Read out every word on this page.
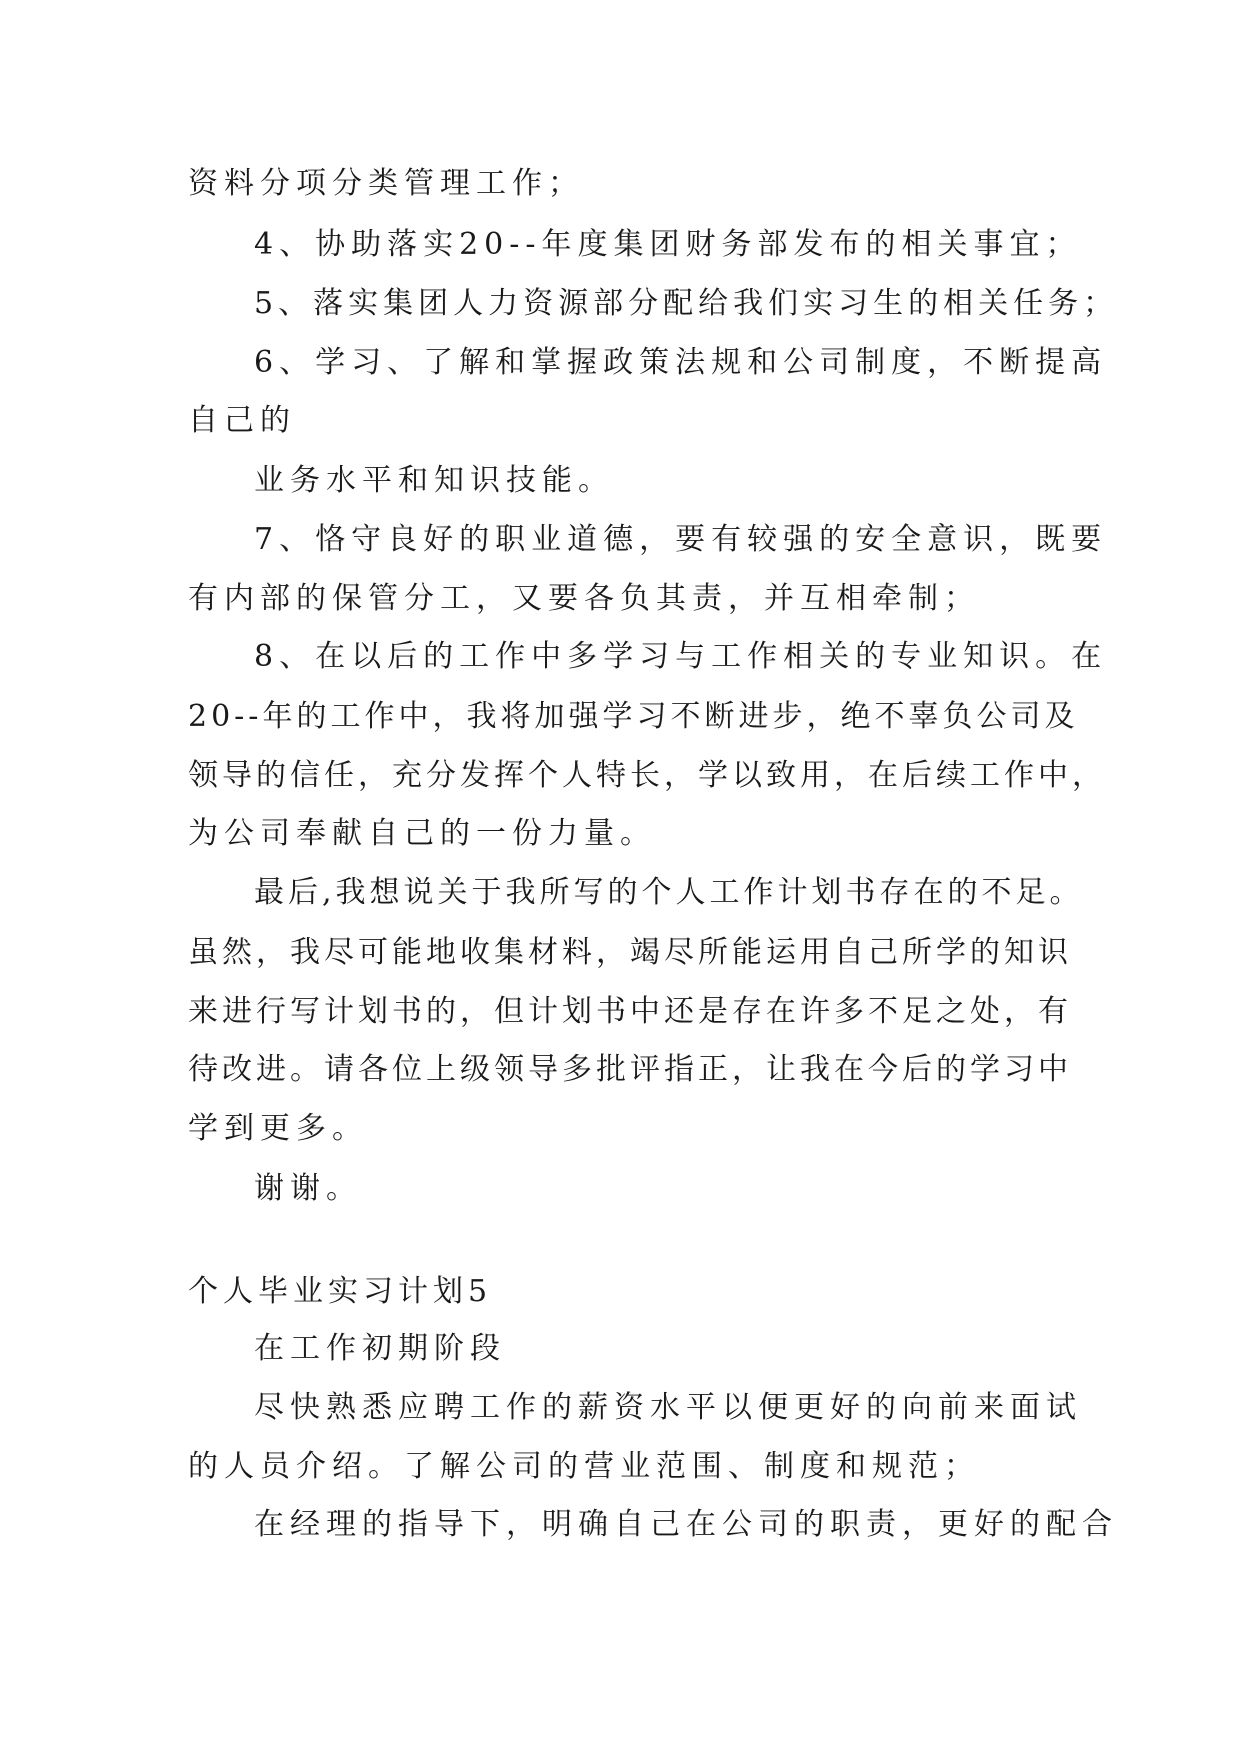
资料分项分类管理工作；

4、协助落实20--年度集团财务部发布的相关事宜；

5、落实集团人力资源部分配给我们实习生的相关任务；

6、学习、了解和掌握政策法规和公司制度，不断提高

自己的

业务水平和知识技能。

7、恪守良好的职业道德，要有较强的安全意识，既要

有内部的保管分工，又要各负其责，并互相牵制；

8、在以后的工作中多学习与工作相关的专业知识。在

20--年的工作中，我将加强学习不断进步，绝不辜负公司及

领导的信任，充分发挥个人特长，学以致用，在后续工作中，

为公司奉献自己的一份力量。

最后,我想说关于我所写的个人工作计划书存在的不足。

虽然，我尽可能地收集材料，竭尽所能运用自己所学的知识

来进行写计划书的，但计划书中还是存在许多不足之处，有

待改进。请各位上级领导多批评指正，让我在今后的学习中

学到更多。

谢谢。

个人毕业实习计划5

在工作初期阶段

尽快熟悉应聘工作的薪资水平以便更好的向前来面试

的人员介绍。了解公司的营业范围、制度和规范；

在经理的指导下，明确自己在公司的职责，更好的配合
